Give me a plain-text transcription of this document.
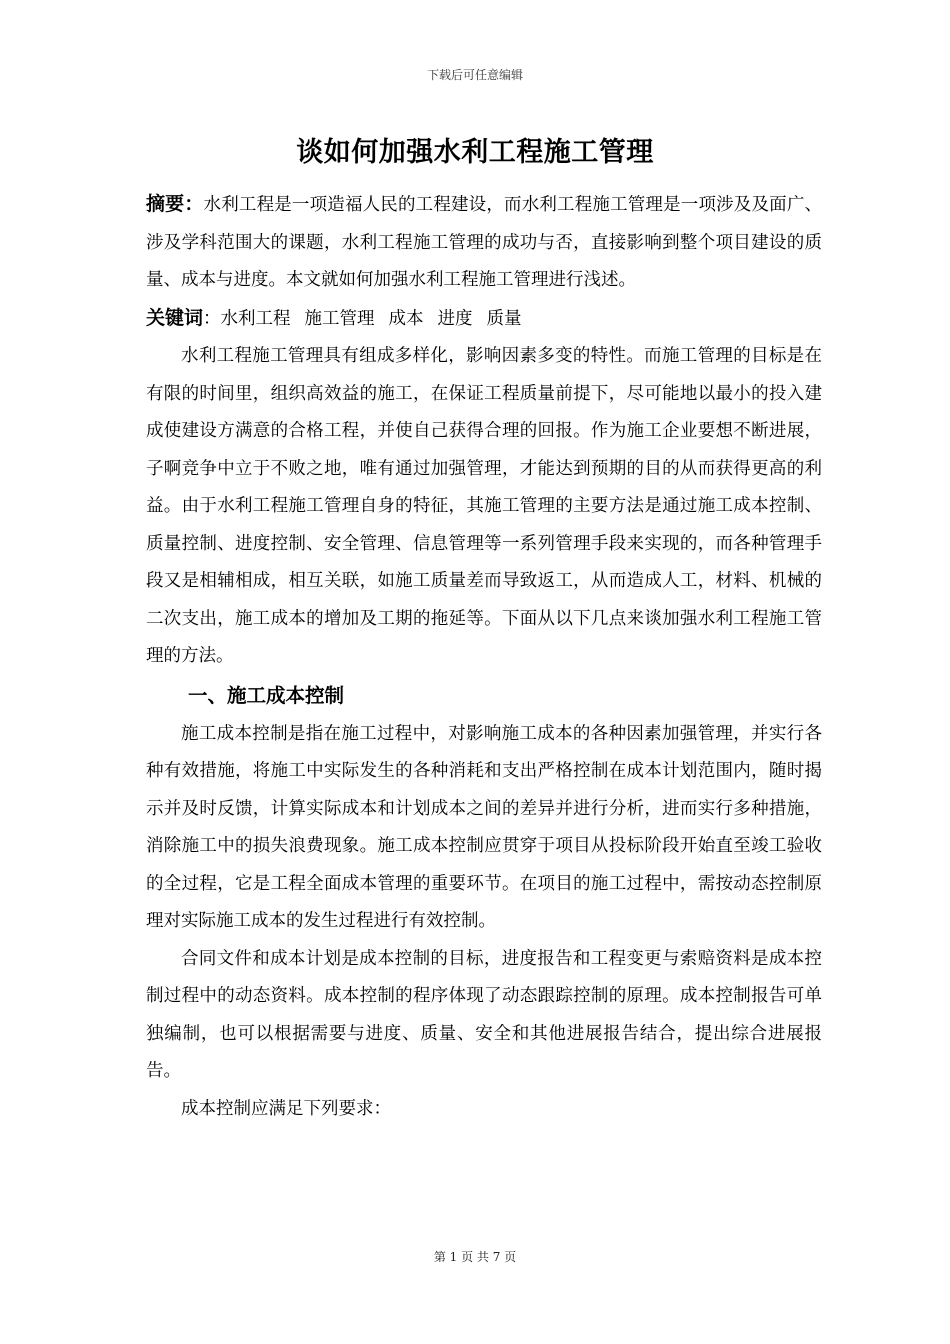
下载后可任意编辑
谈如何加强水利工程施工管理

摘要：水利工程是一项造福人民的工程建设，而水利工程施工管理是一项涉及及面广、涉及学科范围大的课题，水利工程施工管理的成功与否，直接影响到整个项目建设的质量、成本与进度。本文就如何加强水利工程施工管理进行浅述。

关键词：水利工程 施工管理 成本 进度 质量

水利工程施工管理具有组成多样化，影响因素多变的特性。而施工管理的目标是在有限的时间里，组织高效益的施工，在保证工程质量前提下，尽可能地以最小的投入建成使建设方满意的合格工程，并使自己获得合理的回报。作为施工企业要想不断进展，子啊竞争中立于不败之地，唯有通过加强管理，才能达到预期的目的从而获得更高的利益。由于水利工程施工管理自身的特征，其施工管理的主要方法是通过施工成本控制、质量控制、进度控制、安全管理、信息管理等一系列管理手段来实现的，而各种管理手段又是相辅相成，相互关联，如施工质量差而导致返工，从而造成人工，材料、机械的二次支出，施工成本的增加及工期的拖延等。下面从以下几点来谈加强水利工程施工管理的方法。

一、施工成本控制

施工成本控制是指在施工过程中，对影响施工成本的各种因素加强管理，并实行各种有效措施，将施工中实际发生的各种消耗和支出严格控制在成本计划范围内，随时揭示并及时反馈，计算实际成本和计划成本之间的差异并进行分析，进而实行多种措施，消除施工中的损失浪费现象。施工成本控制应贯穿于项目从投标阶段开始直至竣工验收的全过程，它是工程全面成本管理的重要环节。在项目的施工过程中，需按动态控制原理对实际施工成本的发生过程进行有效控制。

合同文件和成本计划是成本控制的目标，进度报告和工程变更与索赔资料是成本控制过程中的动态资料。成本控制的程序体现了动态跟踪控制的原理。成本控制报告可单独编制，也可以根据需要与进度、质量、安全和其他进展报告结合，提出综合进展报告。

成本控制应满足下列要求：

第 1 页 共 7 页
